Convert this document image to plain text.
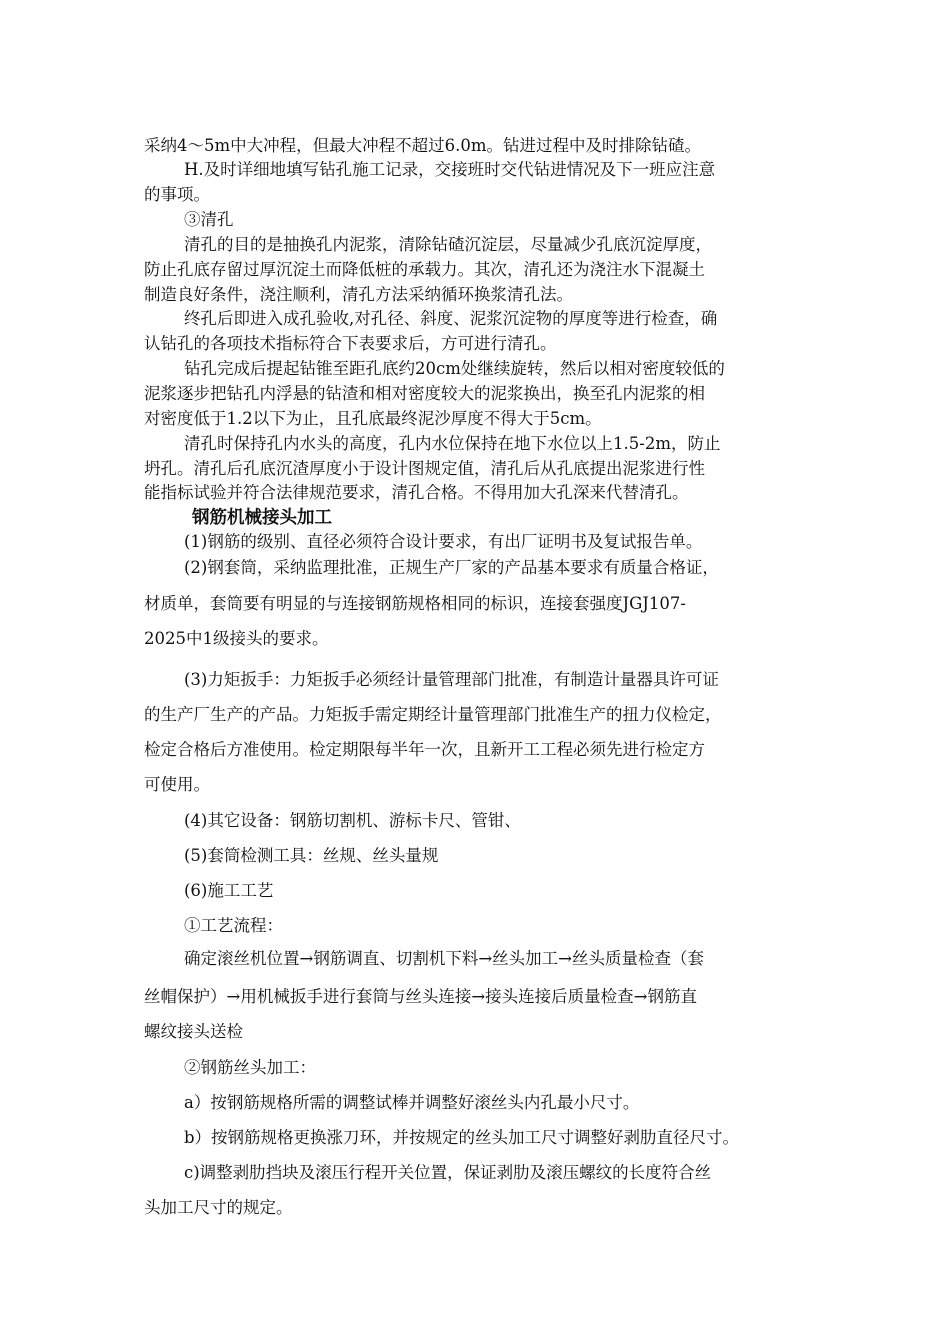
采纳4～5m中大冲程，但最大冲程不超过6.0m。钻进过程中及时排除钻碴。
H.及时详细地填写钻孔施工记录，交接班时交代钻进情况及下一班应注意
的事项。
③清孔
清孔的目的是抽换孔内泥浆，清除钻碴沉淀层，尽量减少孔底沉淀厚度，
防止孔底存留过厚沉淀土而降低桩的承载力。其次，清孔还为浇注水下混凝土
制造良好条件，浇注顺利，清孔方法采纳循环换浆清孔法。
终孔后即进入成孔验收,对孔径、斜度、泥浆沉淀物的厚度等进行检查，确
认钻孔的各项技术指标符合下表要求后，方可进行清孔。
钻孔完成后提起钻锥至距孔底约20cm处继续旋转，然后以相对密度较低的
泥浆逐步把钻孔内浮悬的钻渣和相对密度较大的泥浆换出，换至孔内泥浆的相
对密度低于1.2以下为止，且孔底最终泥沙厚度不得大于5cm。
清孔时保持孔内水头的高度，孔内水位保持在地下水位以上1.5-2m，防止
坍孔。清孔后孔底沉渣厚度小于设计图规定值，清孔后从孔底提出泥浆进行性
能指标试验并符合法律规范要求，清孔合格。不得用加大孔深来代替清孔。
钢筋机械接头加工
(1)钢筋的级别、直径必须符合设计要求，有出厂证明书及复试报告单。
(2)钢套筒，采纳监理批准，正规生产厂家的产品基本要求有质量合格证，
材质单，套筒要有明显的与连接钢筋规格相同的标识，连接套强度JGJ107-
2025中1级接头的要求。
(3)力矩扳手：力矩扳手必须经计量管理部门批准，有制造计量器具许可证
的生产厂生产的产品。力矩扳手需定期经计量管理部门批准生产的扭力仪检定，
检定合格后方准使用。检定期限每半年一次，且新开工工程必须先进行检定方
可使用。
(4)其它设备：钢筋切割机、游标卡尺、管钳、
(5)套筒检测工具：丝规、丝头量规
(6)施工工艺
①工艺流程：
确定滚丝机位置→钢筋调直、切割机下料→丝头加工→丝头质量检查（套
丝帽保护）→用机械扳手进行套筒与丝头连接→接头连接后质量检查→钢筋直
螺纹接头送检
②钢筋丝头加工：
a）按钢筋规格所需的调整试棒并调整好滚丝头内孔最小尺寸。
b）按钢筋规格更换涨刀环，并按规定的丝头加工尺寸调整好剥肋直径尺寸。
c)调整剥肋挡块及滚压行程开关位置，保证剥肋及滚压螺纹的长度符合丝
头加工尺寸的规定。
